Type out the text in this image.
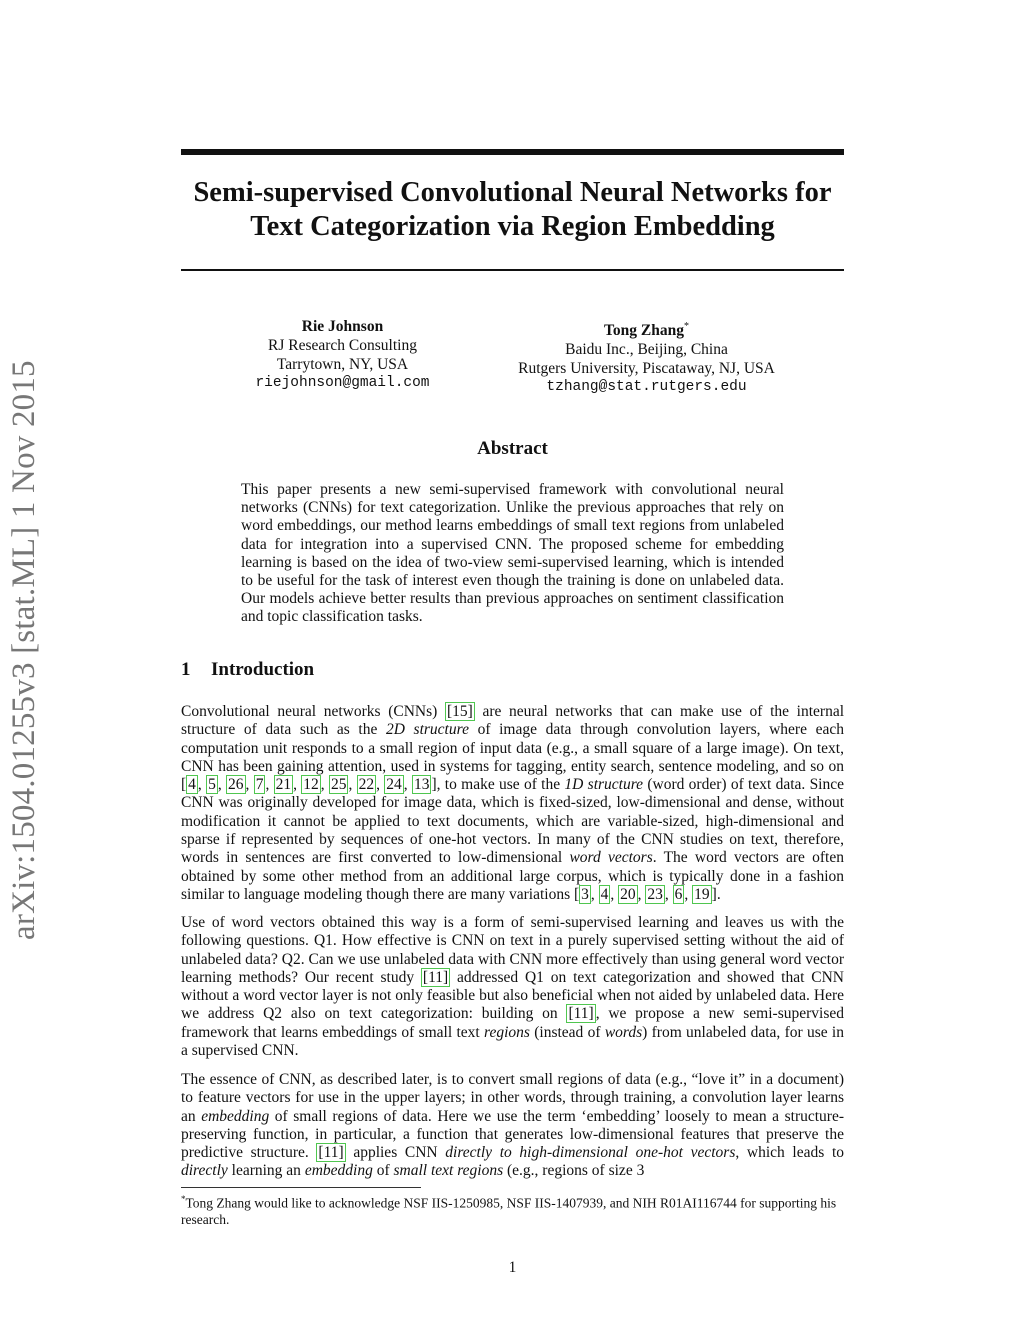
arXiv:1504.01255v3 [stat.ML] 1 Nov 2015
Semi-supervised Convolutional Neural Networks for
Text Categorization via Region Embedding
Rie Johnson
RJ Research Consulting
Tarrytown, NY, USA
riejohnson@gmail.com
Tong Zhang*
Baidu Inc., Beijing, China
Rutgers University, Piscataway, NJ, USA
tzhang@stat.rutgers.edu
Abstract
This paper presents a new semi-supervised framework with convolutional neural networks (CNNs) for text categorization. Unlike the previous approaches that rely on word embeddings, our method learns embeddings of small text regions from unlabeled data for integration into a supervised CNN. The proposed scheme for embedding learning is based on the idea of two-view semi-supervised learning, which is intended to be useful for the task of interest even though the training is done on unlabeled data. Our models achieve better results than previous approaches on sentiment classification and topic classification tasks.
1 Introduction
Convolutional neural networks (CNNs) [15] are neural networks that can make use of the internal structure of data such as the 2D structure of image data through convolution layers, where each computation unit responds to a small region of input data (e.g., a small square of a large image). On text, CNN has been gaining attention, used in systems for tagging, entity search, sentence modeling, and so on [ 4 , 5 , 26 , 7 , 21 , 12 , 25 , 22 , 24 , 13 ], to make use of the 1D structure (word order) of text data. Since CNN was originally developed for image data, which is fixed-sized, low-dimensional and dense, without modification it cannot be applied to text documents, which are variable-sized, high-dimensional and sparse if represented by sequences of one-hot vectors. In many of the CNN studies on text, therefore, words in sentences are first converted to low-dimensional word vectors. The word vectors are often obtained by some other method from an additional large corpus, which is typically done in a fashion similar to language modeling though there are many variations [ 3 , 4 , 20 , 23 , 6 , 19 ].
Use of word vectors obtained this way is a form of semi-supervised learning and leaves us with the following questions. Q1. How effective is CNN on text in a purely supervised setting without the aid of unlabeled data? Q2. Can we use unlabeled data with CNN more effectively than using general word vector learning methods? Our recent study [11] addressed Q1 on text categorization and showed that CNN without a word vector layer is not only feasible but also beneficial when not aided by unlabeled data. Here we address Q2 also on text categorization: building on [11] , we propose a new semi-supervised framework that learns embeddings of small text regions (instead of words) from unlabeled data, for use in a supervised CNN.
The essence of CNN, as described later, is to convert small regions of data (e.g., “love it” in a document) to feature vectors for use in the upper layers; in other words, through training, a convolution layer learns an embedding of small regions of data. Here we use the term ‘embedding’ loosely to mean a structure-preserving function, in particular, a function that generates low-dimensional features that preserve the predictive structure. [11] applies CNN directly to high-dimensional one-hot vectors, which leads to directly learning an embedding of small text regions (e.g., regions of size 3
*Tong Zhang would like to acknowledge NSF IIS-1250985, NSF IIS-1407939, and NIH R01AI116744 for supporting his research.
1
